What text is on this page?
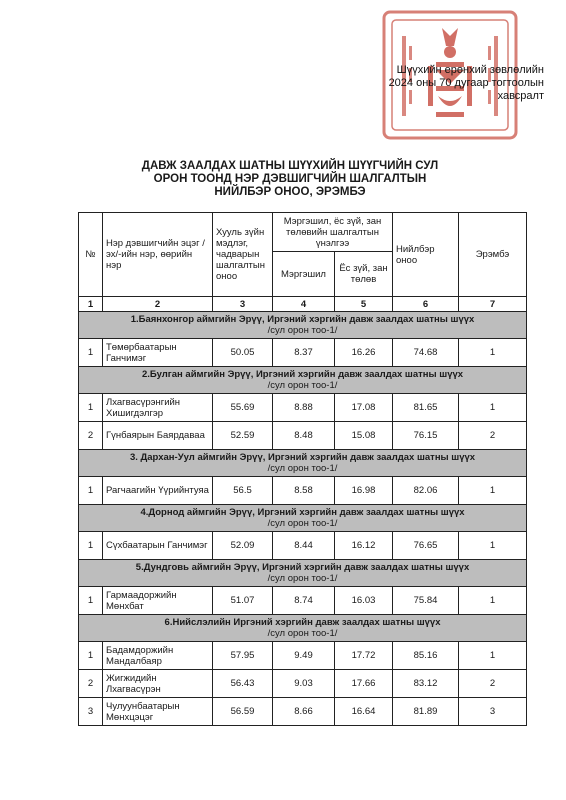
Шүүхийн ерөнхий зөвлөлийн
2024 оны 70 дугаар тогтоолын
хавсралт
ДАВЖ ЗААЛДАХ ШАТНЫ ШҮҮХИЙН ШҮҮГЧИЙН СУЛ
ОРОН ТООНД НЭР ДЭВШИГЧИЙН ШАЛГАЛТЫН
НИЙЛБЭР ОНОО, ЭРЭМБЭ
№	Нэр дэвшигчийн эцэг /эх/-ийн нэр, өөрийн нэр	Хууль зүйн мэдлэг, чадварын шалгалтын оноо	Мэргэшил, ёс зүй, зан төлөвийн шалгалтын үнэлгээ		Нийлбэр оноо	Эрэмбэ
			Мэргэшил	Ёс зүй, зан төлөв		
1	2	3	4	5	6	7
1.Баянхонгор аймгийн Эрүү, Иргэний хэргийн давж заалдах шатны шүүх
/сул орон тоо-1/						

1	Төмөрбаатарын Ганчимэг	50.05	8.37	16.26	74.68	1
2.Булган аймгийн Эрүү, Иргэний хэргийн давж заалдах шатны шүүх
/сул орон тоо-1/						

1	Лхагвасүрэнгийн Хишигдэлгэр	55.69	8.88	17.08	81.65	1
2	Гүнбаярын Баярдаваа	52.59	8.48	15.08	76.15	2
3. Дархан-Уул аймгийн Эрүү, Иргэний хэргийн давж заалдах шатны шүүх
/сул орон тоо-1/						

1	Рагчаагийн Үүрийнтуяа	56.5	8.58	16.98	82.06	1
4.Дорнод аймгийн Эрүү, Иргэний хэргийн давж заалдах шатны шүүх
/сул орон тоо-1/						

1	Сүхбаатарын Ганчимэг	52.09	8.44	16.12	76.65	1
5.Дундговь аймгийн Эрүү, Иргэний хэргийн давж заалдах шатны шүүх
/сул орон тоо-1/						

1	Гармаадоржийн Мөнхбат	51.07	8.74	16.03	75.84	1
6.Нийслэлийн Иргэний хэргийн давж заалдах шатны шүүх
/сул орон тоо-1/						

1	Бадамдоржийн Мандалбаяр	57.95	9.49	17.72	85.16	1
2	Жигжидийн Лхагвасүрэн	56.43	9.03	17.66	83.12	2
3	Чулуунбаатарын Мөнхцэцэг	56.59	8.66	16.64	81.89	3
